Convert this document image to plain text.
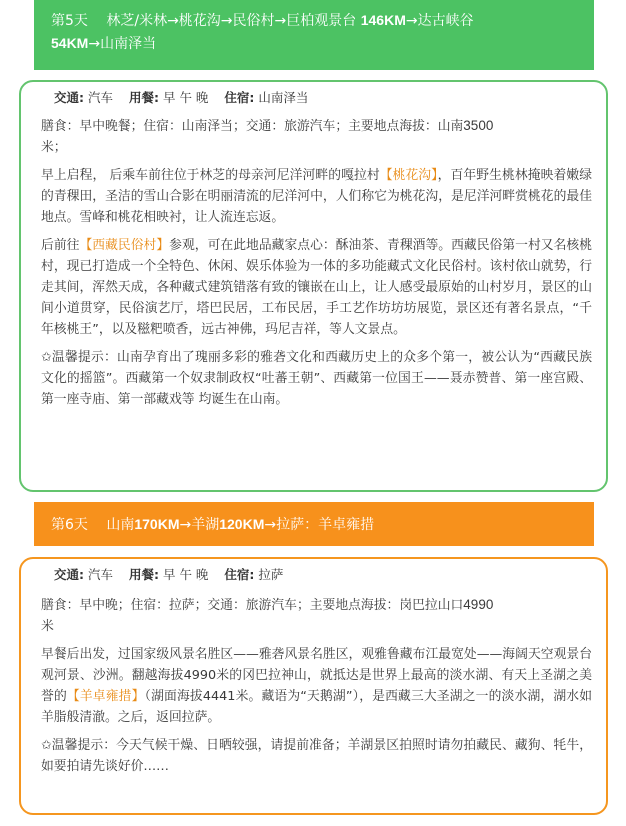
第5天　 林芝/米林→桃花沟→民俗村→巨柏观景台 146KM→达古峡谷
54KM→山南泽当
交通: 汽车 用餐: 早 午 晚 住宿: 山南泽当

膳食：早中晚餐；住宿：山南泽当；交通：旅游汽车；主要地点海拔：山南3500
米；

早上启程， 后乘车前往位于林芝的母亲河尼洋河畔的嘎拉村【桃花沟】，百年野生桃林掩映着嫩绿的青稞田，圣洁的雪山合影在明丽清流的尼洋河中，人们称它为桃花沟，是尼洋河畔赏桃花的最佳地点。雪峰和桃花相映衬，让人流连忘返。

后前往【西藏民俗村】参观，可在此地品藏家点心：酥油茶、青稞酒等。西藏民俗第一村又名核桃村，现已打造成一个全特色、休闲、娱乐体验为一体的多功能藏式文化民俗村。该村依山就势，行走其间，浑然天成，各种藏式建筑错落有致的镶嵌在山上，让人感受最原始的山村岁月，景区的山间小道贯穿，民俗演艺厅，塔巴民居，工布民居，手工艺作坊坊坊展览，景区还有著名景点，“千年核桃王”，以及糍粑喷香，远古神佛，玛尼吉祥，等人文景点。

✩温馨提示：山南孕育出了瑰丽多彩的雅砻文化和西藏历史上的众多个第一，被公认为“西藏民族文化的摇篮”。西藏第一个奴隶制政权“吐蕃王朝”、西藏第一位国王——聂赤赞普、第一座宫殿、第一座寺庙、第一部藏戏等 均诞生在山南。

第6天　 山南170KM→羊湖120KM→拉萨：羊卓雍措
交通: 汽车 用餐: 早 午 晚 住宿: 拉萨

膳食：早中晚；住宿：拉萨；交通：旅游汽车；主要地点海拔：岗巴拉山口4990
米

早餐后出发，过国家级风景名胜区——雅砻风景名胜区，观雅鲁藏布江最宽处——海阔天空观景台观河景、沙洲。翻越海拔4990米的冈巴拉神山，就抵达是世界上最高的淡水湖、有天上圣湖之美誉的【羊卓雍措】（湖面海拔4441米。藏语为“天鹅湖”），是西藏三大圣湖之一的淡水湖，湖水如羊脂般清澈。之后，返回拉萨。

✩温馨提示：今天气候干燥、日晒较强，请提前准备；羊湖景区拍照时请勿拍藏民、藏狗、牦牛，如要拍请先谈好价……
